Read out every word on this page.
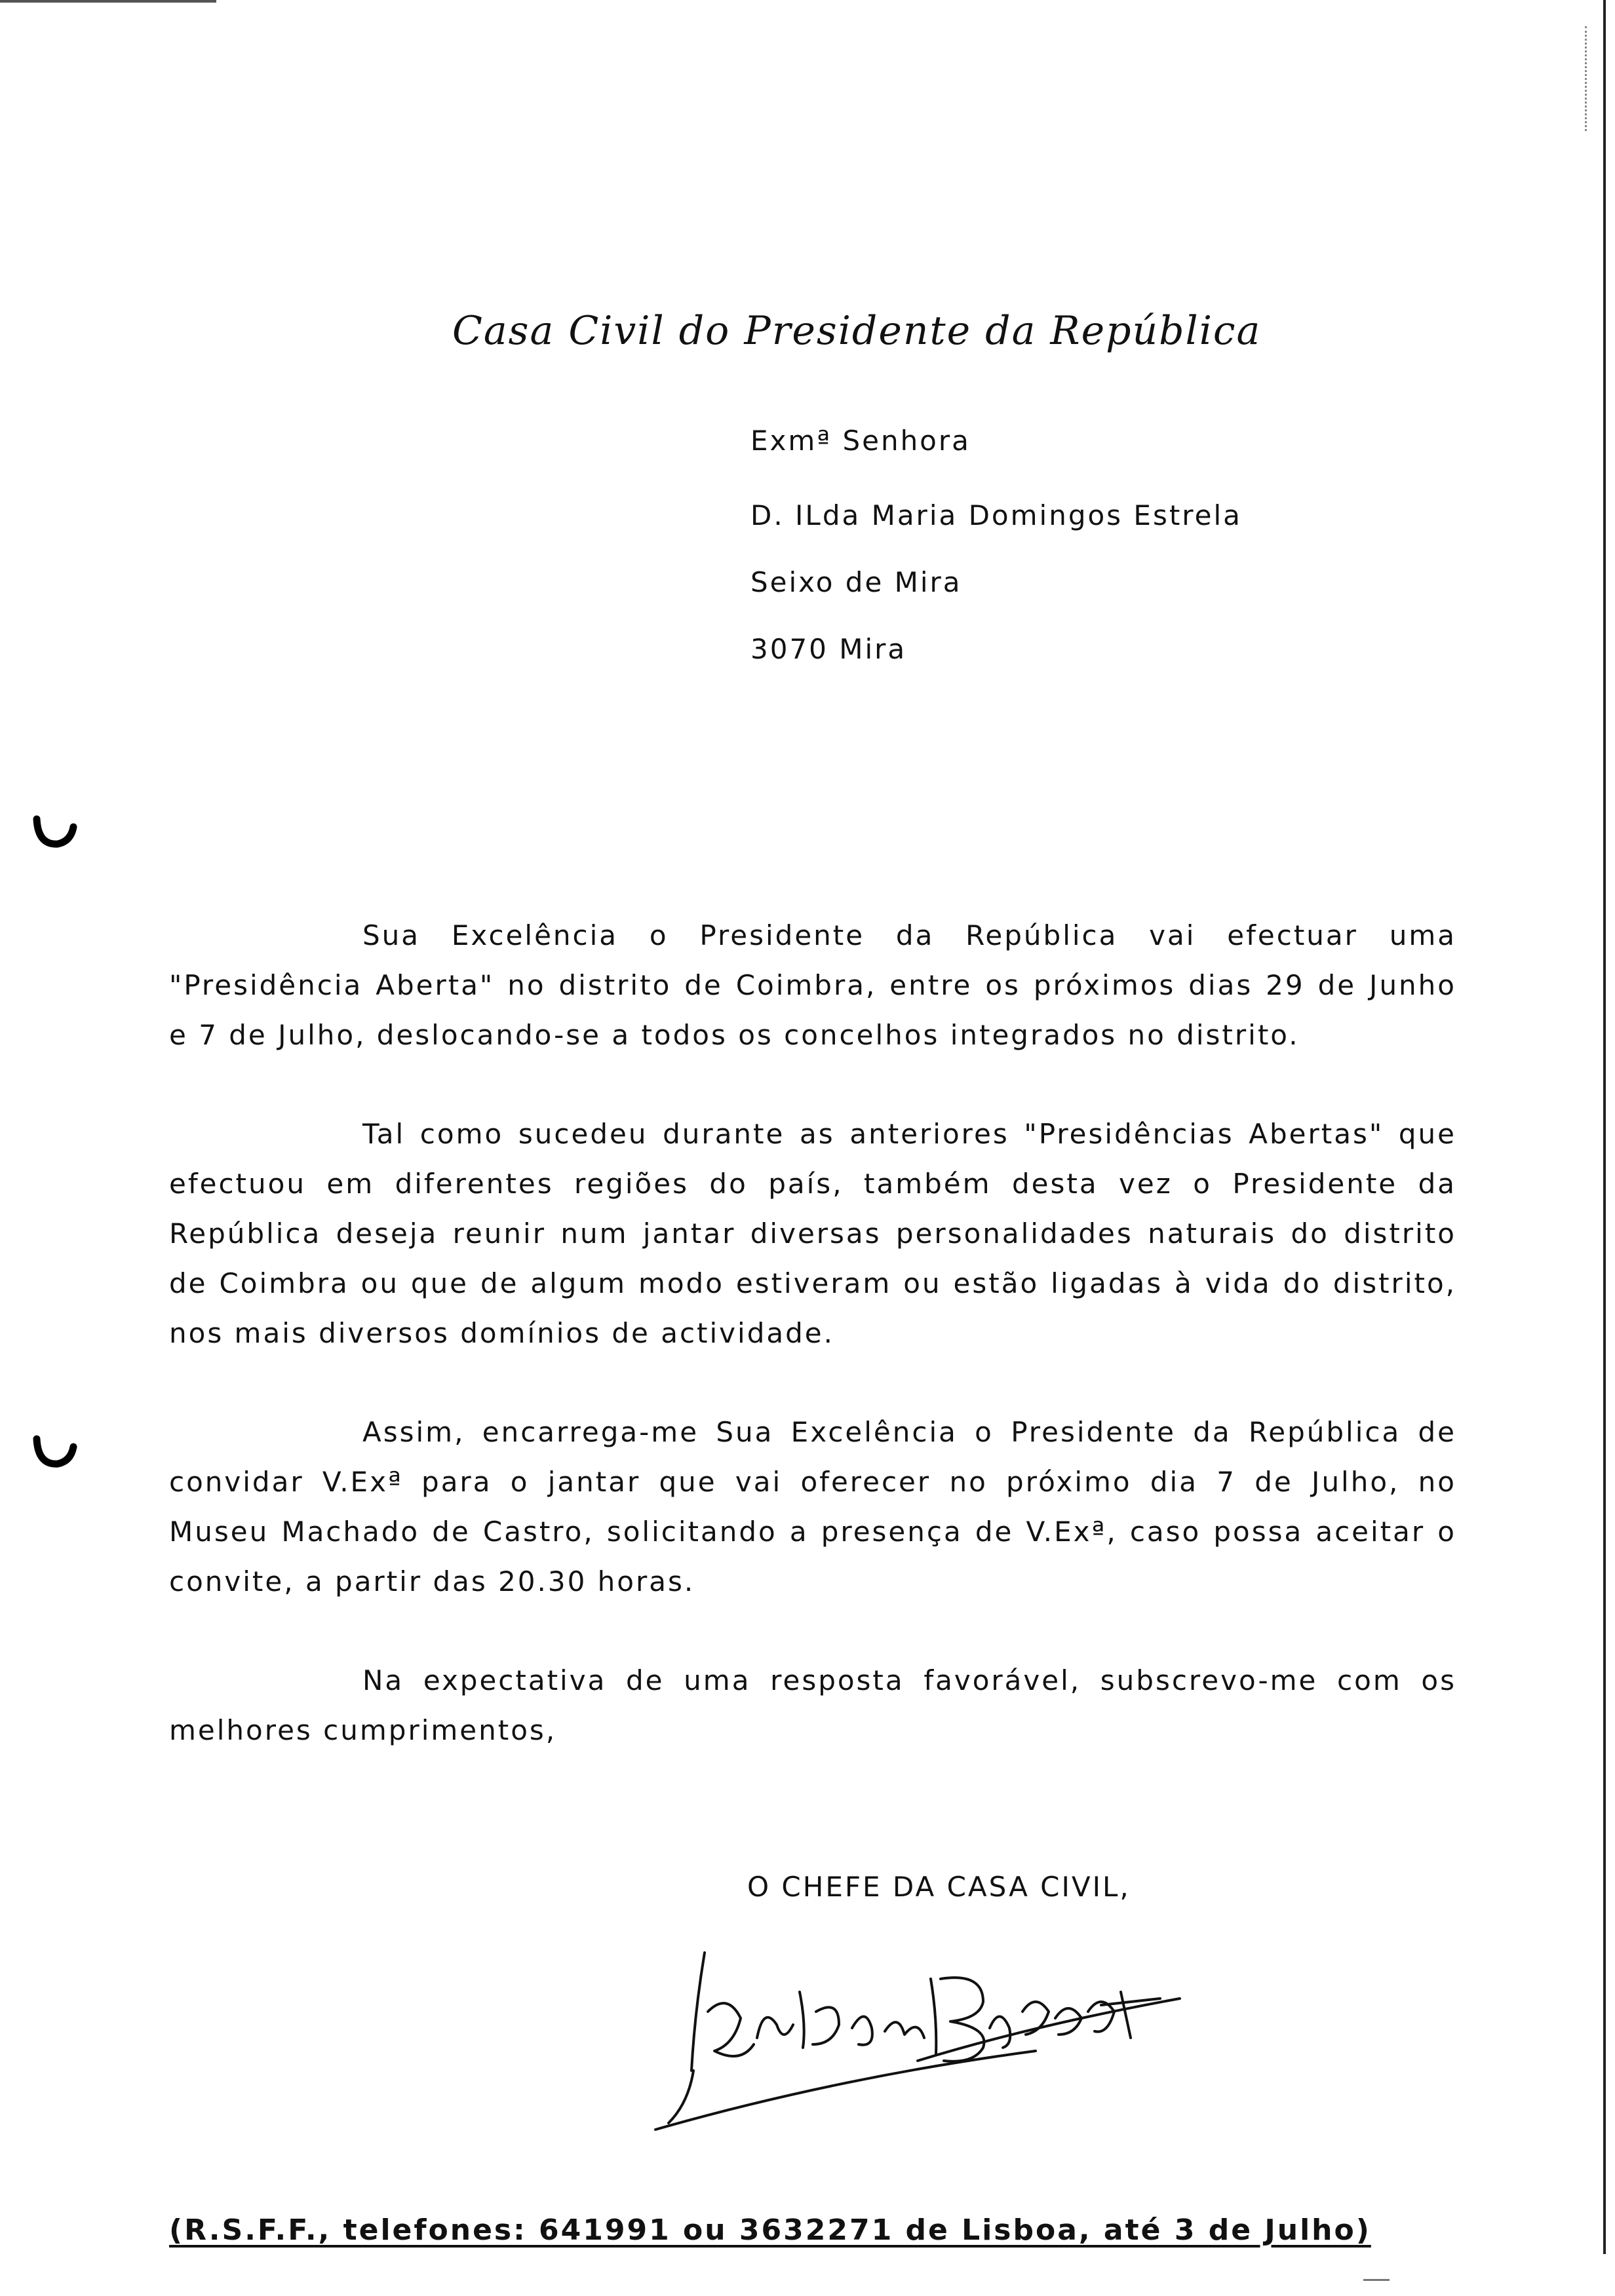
Casa Civil do Presidente da República
Exmª Senhora
D. ILda Maria Domingos Estrela
Seixo de Mira
3070 Mira

Sua Excelência o Presidente da República vai efectuar uma "Presidência Aberta" no distrito de Coimbra, entre os próximos dias 29 de Junho e 7 de Julho, deslocando-se a todos os concelhos integrados no distrito.

Tal como sucedeu durante as anteriores "Presidências Abertas" que efectuou em diferentes regiões do país, também desta vez o Presidente da República deseja reunir num jantar diversas personalidades naturais do distrito de Coimbra ou que de algum modo estiveram ou estão ligadas à vida do distrito, nos mais diversos domínios de actividade.

Assim, encarrega-me Sua Excelência o Presidente da República de convidar V.Exª para o jantar que vai oferecer no próximo dia 7 de Julho, no Museu Machado de Castro, solicitando a presença de V.Exª, caso possa aceitar o convite, a partir das 20.30 horas.

Na expectativa de uma resposta favorável, subscrevo-me com os melhores cumprimentos,

O CHEFE DA CASA CIVIL,
(R.S.F.F., telefones: 641991 ou 3632271 de Lisboa, até 3 de Julho)
